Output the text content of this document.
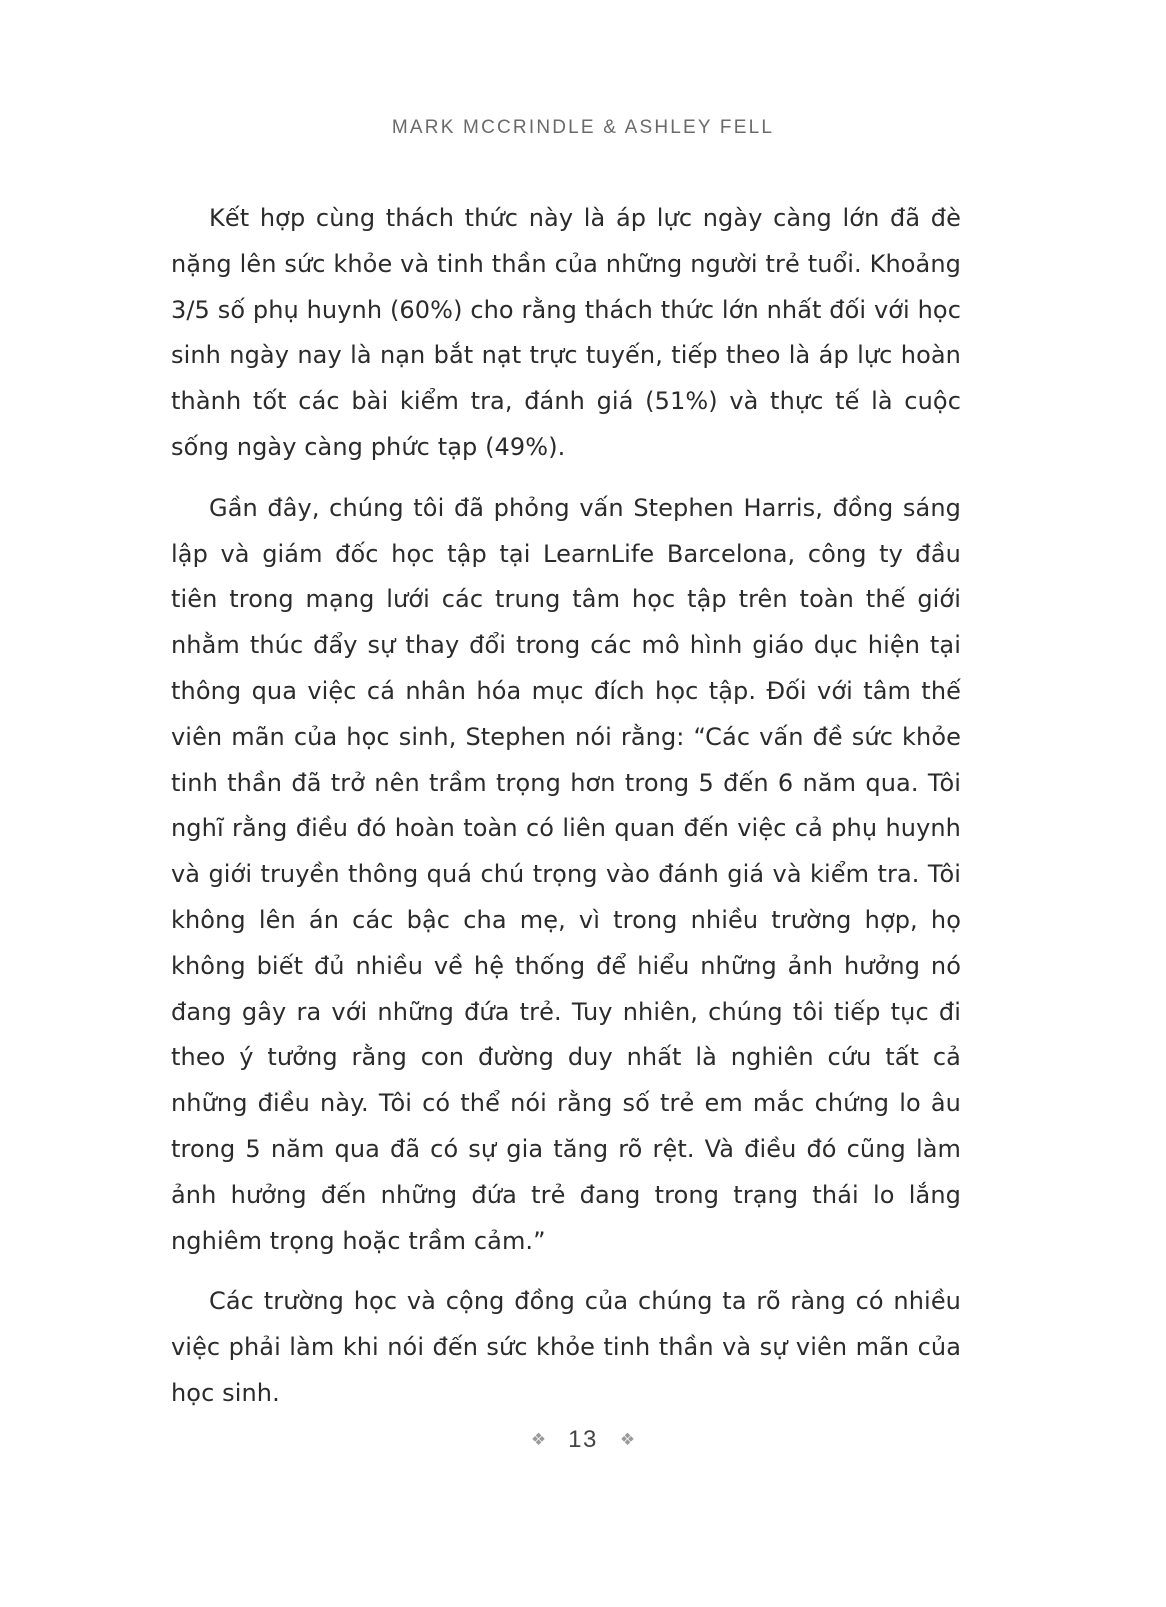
MARK MCCRINDLE & ASHLEY FELL

Kết hợp cùng thách thức này là áp lực ngày càng lớn đã đè nặng lên sức khỏe và tinh thần của những người trẻ tuổi. Khoảng 3/5 số phụ huynh (60%) cho rằng thách thức lớn nhất đối với học sinh ngày nay là nạn bắt nạt trực tuyến, tiếp theo là áp lực hoàn thành tốt các bài kiểm tra, đánh giá (51%) và thực tế là cuộc sống ngày càng phức tạp (49%).

Gần đây, chúng tôi đã phỏng vấn Stephen Harris, đồng sáng lập và giám đốc học tập tại LearnLife Barcelona, công ty đầu tiên trong mạng lưới các trung tâm học tập trên toàn thế giới nhằm thúc đẩy sự thay đổi trong các mô hình giáo dục hiện tại thông qua việc cá nhân hóa mục đích học tập. Đối với tâm thế viên mãn của học sinh, Stephen nói rằng: “Các vấn đề sức khỏe tinh thần đã trở nên trầm trọng hơn trong 5 đến 6 năm qua. Tôi nghĩ rằng điều đó hoàn toàn có liên quan đến việc cả phụ huynh và giới truyền thông quá chú trọng vào đánh giá và kiểm tra. Tôi không lên án các bậc cha mẹ, vì trong nhiều trường hợp, họ không biết đủ nhiều về hệ thống để hiểu những ảnh hưởng nó đang gây ra với những đứa trẻ. Tuy nhiên, chúng tôi tiếp tục đi theo ý tưởng rằng con đường duy nhất là nghiên cứu tất cả những điều này. Tôi có thể nói rằng số trẻ em mắc chứng lo âu trong 5 năm qua đã có sự gia tăng rõ rệt. Và điều đó cũng làm ảnh hưởng đến những đứa trẻ đang trong trạng thái lo lắng nghiêm trọng hoặc trầm cảm.”

Các trường học và cộng đồng của chúng ta rõ ràng có nhiều việc phải làm khi nói đến sức khỏe tinh thần và sự viên mãn của học sinh.

❖ 13 ❖
